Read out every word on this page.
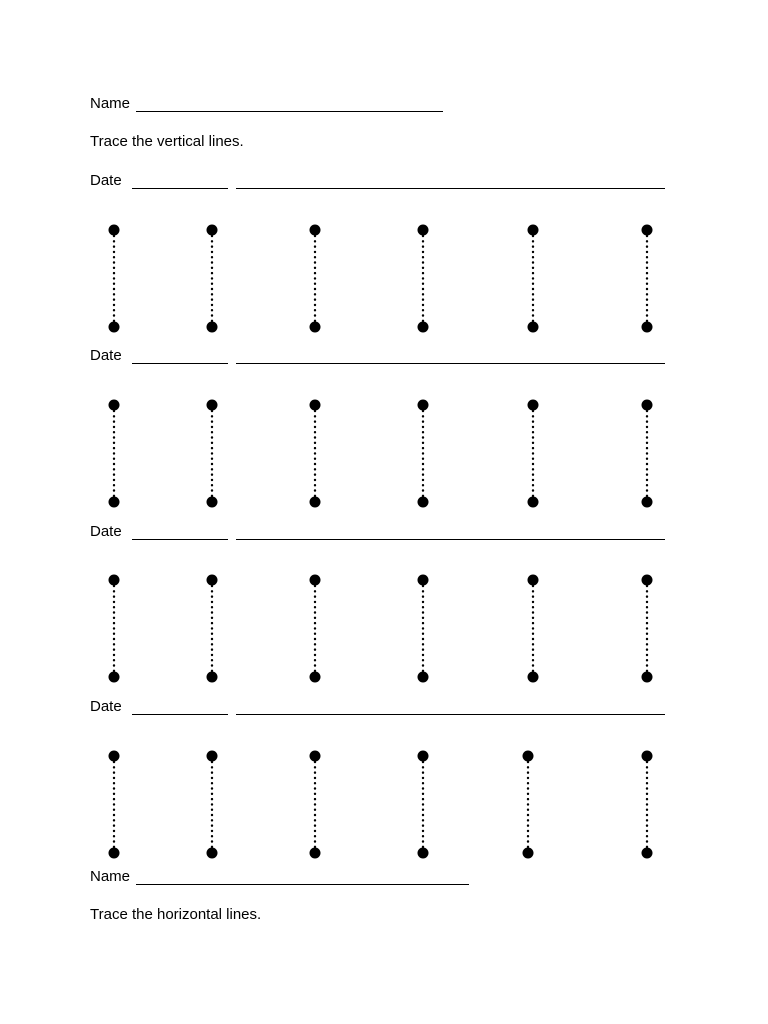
Name
Trace the vertical lines.
Date
Date
Date
Date
Name
Trace the horizontal lines.
